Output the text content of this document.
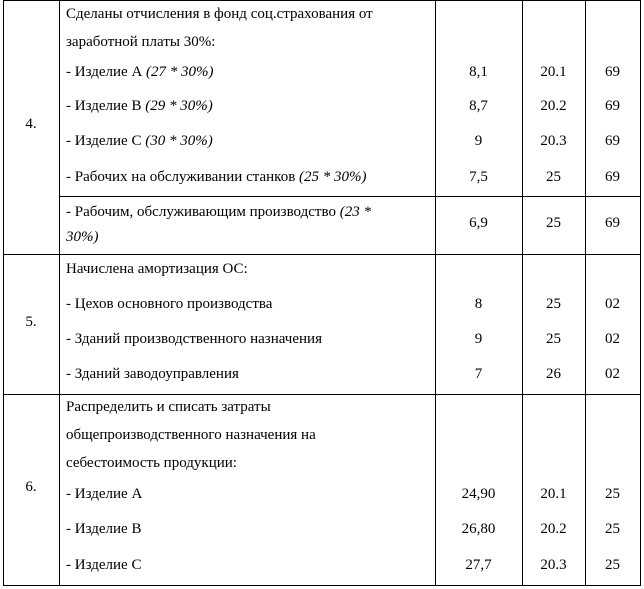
4.
Сделаны отчисления в фонд соц.страхования от
заработной платы 30%:
- Изделие А (27 * 30%)	8,1	20.1	69
- Изделие В (29 * 30%)	8,7	20.2	69
- Изделие С (30 * 30%)	9	20.3	69
- Рабочих на обслуживании станков (25 * 30%)	7,5	25	69
- Рабочим, обслуживающим производство (23 *
30%)
6,9	25	69
5.
Начислена амортизация ОС:
- Цехов основного производства	8	25	02
- Зданий производственного назначения	9	25	02
- Зданий заводоуправления	7	26	02
6.
Распределить и списать затраты
общепроизводственного назначения на
себестоимость продукции:
- Изделие А	24,90	20.1	25
- Изделие В	26,80	20.2	25
- Изделие С	27,7	20.3	25
